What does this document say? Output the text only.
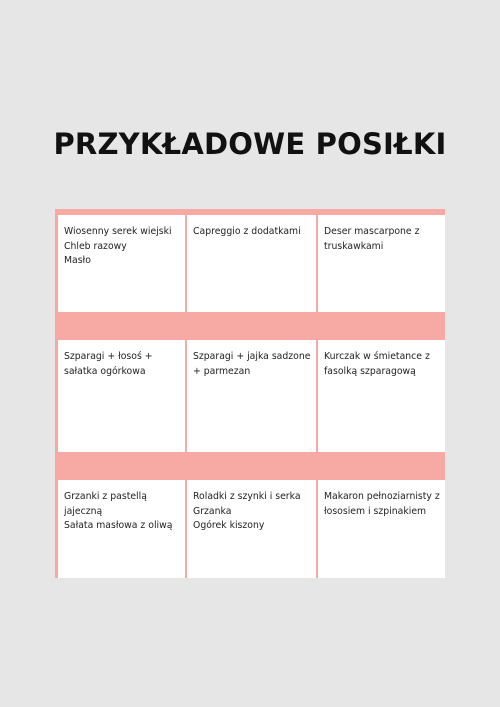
PRZYKŁADOWE POSIŁKI
Wiosenny serek wiejski
Chleb razowy
Masło
Capreggio z dodatkami	Deser mascarpone z truskawkami
Szparagi + łosoś + sałatka ogórkowa
Szparagi + jajka sadzone + parmezan
Kurczak w śmietance z fasolką szparagową
Grzanki z pastellą jajeczną
Sałata masłowa z oliwą
Roladki z szynki i serka
Grzanka
Ogórek kiszony
Makaron pełnoziarnisty z łososiem i szpinakiem
